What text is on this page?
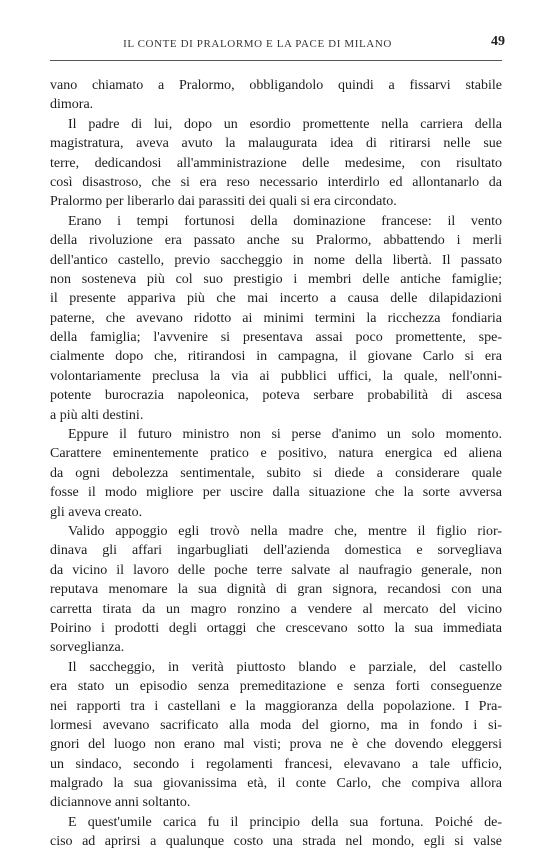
IL CONTE DI PRALORMO E LA PACE DI MILANO	49
vano chiamato a Pralormo, obbligandolo quindi a fissarvi stabile
dimora.
Il padre di lui, dopo un esordio promettente nella carriera della
magistratura, aveva avuto la malaugurata idea di ritirarsi nelle sue
terre, dedicandosi all'amministrazione delle medesime, con risultato
così disastroso, che si era reso necessario interdirlo ed allontanarlo da
Pralormo per liberarlo dai parassiti dei quali si era circondato.
Erano i tempi fortunosi della dominazione francese: il vento
della rivoluzione era passato anche su Pralormo, abbattendo i merli
dell'antico castello, previo saccheggio in nome della libertà. Il passato
non sosteneva più col suo prestigio i membri delle antiche famiglie;
il presente appariva più che mai incerto a causa delle dilapidazioni
paterne, che avevano ridotto ai minimi termini la ricchezza fondiaria
della famiglia; l'avvenire si presentava assai poco promettente, spe-
cialmente dopo che, ritirandosi in campagna, il giovane Carlo si era
volontariamente preclusa la via ai pubblici uffici, la quale, nell'onni-
potente burocrazia napoleonica, poteva serbare probabilità di ascesa
a più alti destini.
Eppure il futuro ministro non si perse d'animo un solo momento.
Carattere eminentemente pratico e positivo, natura energica ed aliena
da ogni debolezza sentimentale, subito si diede a considerare quale
fosse il modo migliore per uscire dalla situazione che la sorte avversa
gli aveva creato.
Valido appoggio egli trovò nella madre che, mentre il figlio rior-
dinava gli affari ingarbugliati dell'azienda domestica e sorvegliava
da vicino il lavoro delle poche terre salvate al naufragio generale, non
reputava menomare la sua dignità di gran signora, recandosi con una
carretta tirata da un magro ronzino a vendere al mercato del vicino
Poirino i prodotti degli ortaggi che crescevano sotto la sua immediata
sorveglianza.
Il saccheggio, in verità piuttosto blando e parziale, del castello
era stato un episodio senza premeditazione e senza forti conseguenze
nei rapporti tra i castellani e la maggioranza della popolazione. I Pra-
lormesi avevano sacrificato alla moda del giorno, ma in fondo i si-
gnori del luogo non erano mal visti; prova ne è che dovendo eleggersi
un sindaco, secondo i regolamenti francesi, elevavano a tale ufficio,
malgrado la sua giovanissima età, il conte Carlo, che compiva allora
diciannove anni soltanto.
E quest'umile carica fu il principio della sua fortuna. Poiché de-
ciso ad aprirsi a qualunque costo una strada nel mondo, egli si valse
